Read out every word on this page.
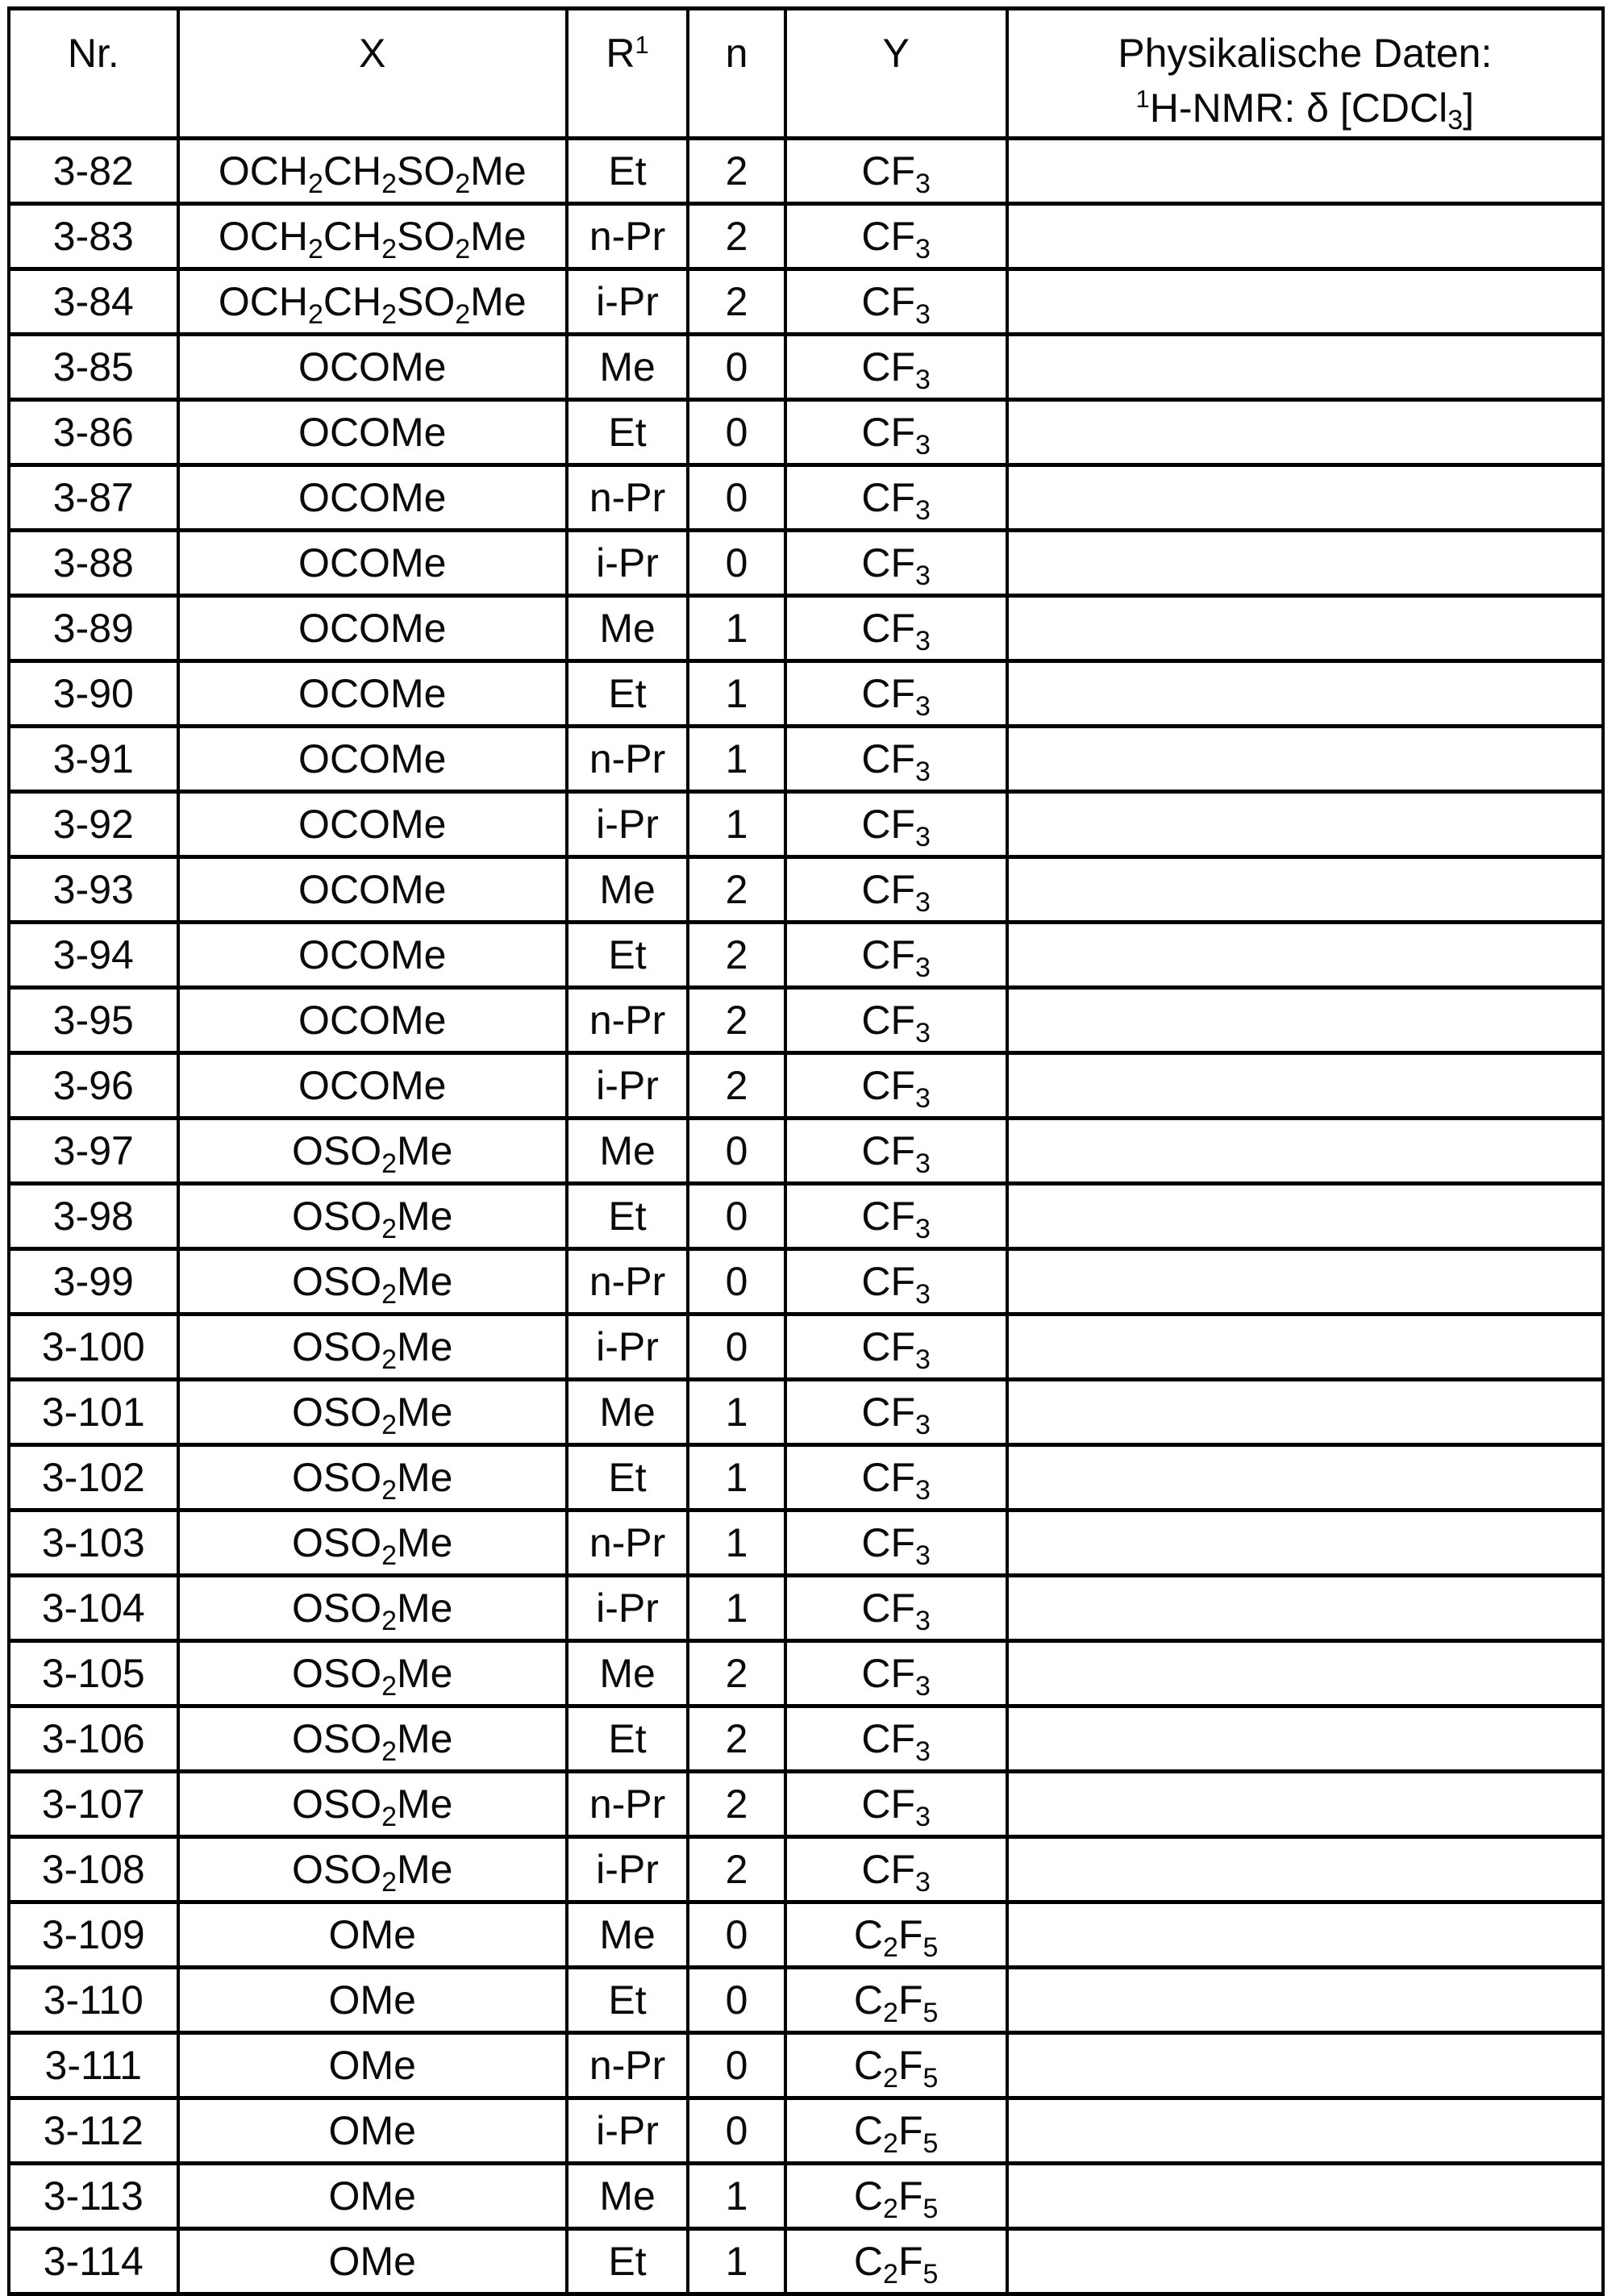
Nr.	X	$R^1$	n	Y	Physikalische Daten:
$^1$H-NMR: δ [CDCl$_3$]

3-82	$OCH_2CH_2SO_2Me$	Et	2	$CF_3$	
3-83	$OCH_2CH_2SO_2Me$	n-Pr	2	$CF_3$	
3-84	$OCH_2CH_2SO_2Me$	i-Pr	2	$CF_3$	
3-85	OCOMe	Me	0	$CF_3$	
3-86	OCOMe	Et	0	$CF_3$	
3-87	OCOMe	n-Pr	0	$CF_3$	
3-88	OCOMe	i-Pr	0	$CF_3$	
3-89	OCOMe	Me	1	$CF_3$	
3-90	OCOMe	Et	1	$CF_3$	
3-91	OCOMe	n-Pr	1	$CF_3$	
3-92	OCOMe	i-Pr	1	$CF_3$	
3-93	OCOMe	Me	2	$CF_3$	
3-94	OCOMe	Et	2	$CF_3$	
3-95	OCOMe	n-Pr	2	$CF_3$	
3-96	OCOMe	i-Pr	2	$CF_3$	
3-97	$OSO_2Me$	Me	0	$CF_3$	
3-98	$OSO_2Me$	Et	0	$CF_3$	
3-99	$OSO_2Me$	n-Pr	0	$CF_3$	
3-100	$OSO_2Me$	i-Pr	0	$CF_3$	
3-101	$OSO_2Me$	Me	1	$CF_3$	
3-102	$OSO_2Me$	Et	1	$CF_3$	
3-103	$OSO_2Me$	n-Pr	1	$CF_3$	
3-104	$OSO_2Me$	i-Pr	1	$CF_3$	
3-105	$OSO_2Me$	Me	2	$CF_3$	
3-106	$OSO_2Me$	Et	2	$CF_3$	
3-107	$OSO_2Me$	n-Pr	2	$CF_3$	
3-108	$OSO_2Me$	i-Pr	2	$CF_3$	
3-109	OMe	Me	0	$C_2F_5$	
3-110	OMe	Et	0	$C_2F_5$	
3-111	OMe	n-Pr	0	$C_2F_5$	
3-112	OMe	i-Pr	0	$C_2F_5$	
3-113	OMe	Me	1	$C_2F_5$	
3-114	OMe	Et	1	$C_2F_5$	
